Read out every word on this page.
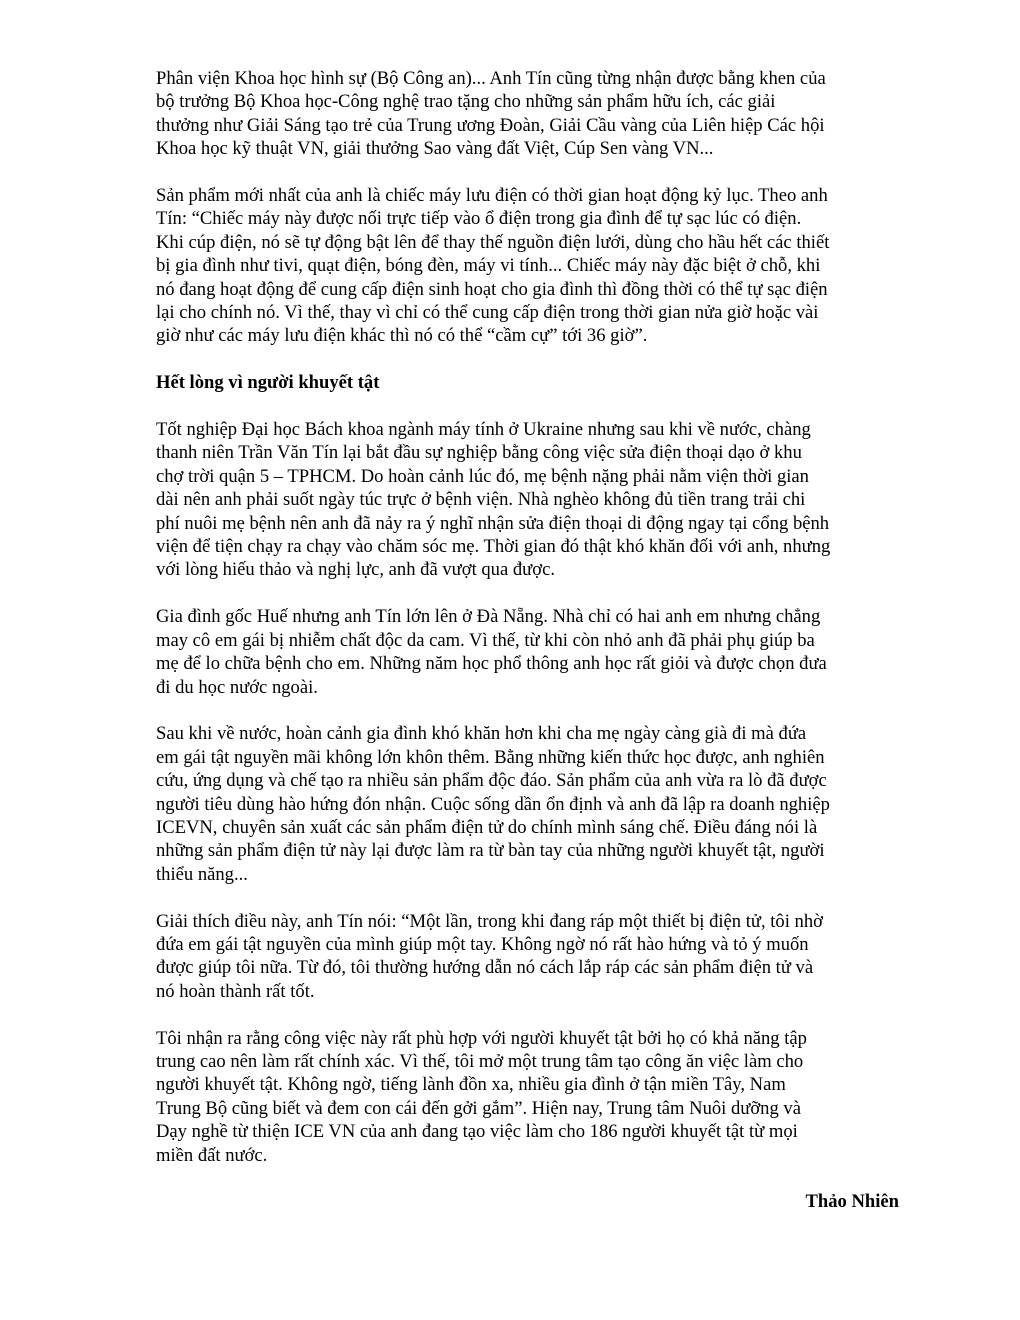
Phân viện Khoa học hình sự (Bộ Công an)... Anh Tín cũng từng nhận được bằng khen của
bộ trưởng Bộ Khoa học-Công nghệ trao tặng cho những sản phẩm hữu ích, các giải
thưởng như Giải Sáng tạo trẻ của Trung ương Đoàn, Giải Cầu vàng của Liên hiệp Các hội
Khoa học kỹ thuật VN, giải thưởng Sao vàng đất Việt, Cúp Sen vàng VN...

Sản phẩm mới nhất của anh là chiếc máy lưu điện có thời gian hoạt động kỷ lục. Theo anh
Tín: “Chiếc máy này được nối trực tiếp vào ổ điện trong gia đình để tự sạc lúc có điện.
Khi cúp điện, nó sẽ tự động bật lên để thay thế nguồn điện lưới, dùng cho hầu hết các thiết
bị gia đình như tivi, quạt điện, bóng đèn, máy vi tính... Chiếc máy này đặc biệt ở chỗ, khi
nó đang hoạt động để cung cấp điện sinh hoạt cho gia đình thì đồng thời có thể tự sạc điện
lại cho chính nó. Vì thế, thay vì chỉ có thể cung cấp điện trong thời gian nửa giờ hoặc vài
giờ như các máy lưu điện khác thì nó có thể “cầm cự” tới 36 giờ”.

Hết lòng vì người khuyết tật

Tốt nghiệp Đại học Bách khoa ngành máy tính ở Ukraine nhưng sau khi về nước, chàng
thanh niên Trần Văn Tín lại bắt đầu sự nghiệp bằng công việc sửa điện thoại dạo ở khu
chợ trời quận 5 – TPHCM. Do hoàn cảnh lúc đó, mẹ bệnh nặng phải nằm viện thời gian
dài nên anh phải suốt ngày túc trực ở bệnh viện. Nhà nghèo không đủ tiền trang trải chi
phí nuôi mẹ bệnh nên anh đã nảy ra ý nghĩ nhận sửa điện thoại di động ngay tại cổng bệnh
viện để tiện chạy ra chạy vào chăm sóc mẹ. Thời gian đó thật khó khăn đối với anh, nhưng
với lòng hiếu thảo và nghị lực, anh đã vượt qua được.

Gia đình gốc Huế nhưng anh Tín lớn lên ở Đà Nẵng. Nhà chỉ có hai anh em nhưng chẳng
may cô em gái bị nhiễm chất độc da cam. Vì thế, từ khi còn nhỏ anh đã phải phụ giúp ba
mẹ để lo chữa bệnh cho em. Những năm học phổ thông anh học rất giỏi và được chọn đưa
đi du học nước ngoài.

Sau khi về nước, hoàn cảnh gia đình khó khăn hơn khi cha mẹ ngày càng già đi mà đứa
em gái tật nguyền mãi không lớn khôn thêm. Bằng những kiến thức học được, anh nghiên
cứu, ứng dụng và chế tạo ra nhiều sản phẩm độc đáo. Sản phẩm của anh vừa ra lò đã được
người tiêu dùng hào hứng đón nhận. Cuộc sống dần ổn định và anh đã lập ra doanh nghiệp
ICEVN, chuyên sản xuất các sản phẩm điện tử do chính mình sáng chế. Điều đáng nói là
những sản phẩm điện tử này lại được làm ra từ bàn tay của những người khuyết tật, người
thiểu năng...

Giải thích điều này, anh Tín nói: “Một lần, trong khi đang ráp một thiết bị điện tử, tôi nhờ
đứa em gái tật nguyền của mình giúp một tay. Không ngờ nó rất hào hứng và tỏ ý muốn
được giúp tôi nữa. Từ đó, tôi thường hướng dẫn nó cách lắp ráp các sản phẩm điện tử và
nó hoàn thành rất tốt.

Tôi nhận ra rằng công việc này rất phù hợp với người khuyết tật bởi họ có khả năng tập
trung cao nên làm rất chính xác. Vì thế, tôi mở một trung tâm tạo công ăn việc làm cho
người khuyết tật. Không ngờ, tiếng lành đồn xa, nhiều gia đình ở tận miền Tây, Nam
Trung Bộ cũng biết và đem con cái đến gởi gắm”. Hiện nay, Trung tâm Nuôi dưỡng và
Dạy nghề từ thiện ICE VN của anh đang tạo việc làm cho 186 người khuyết tật từ mọi
miền đất nước.

Thảo Nhiên
